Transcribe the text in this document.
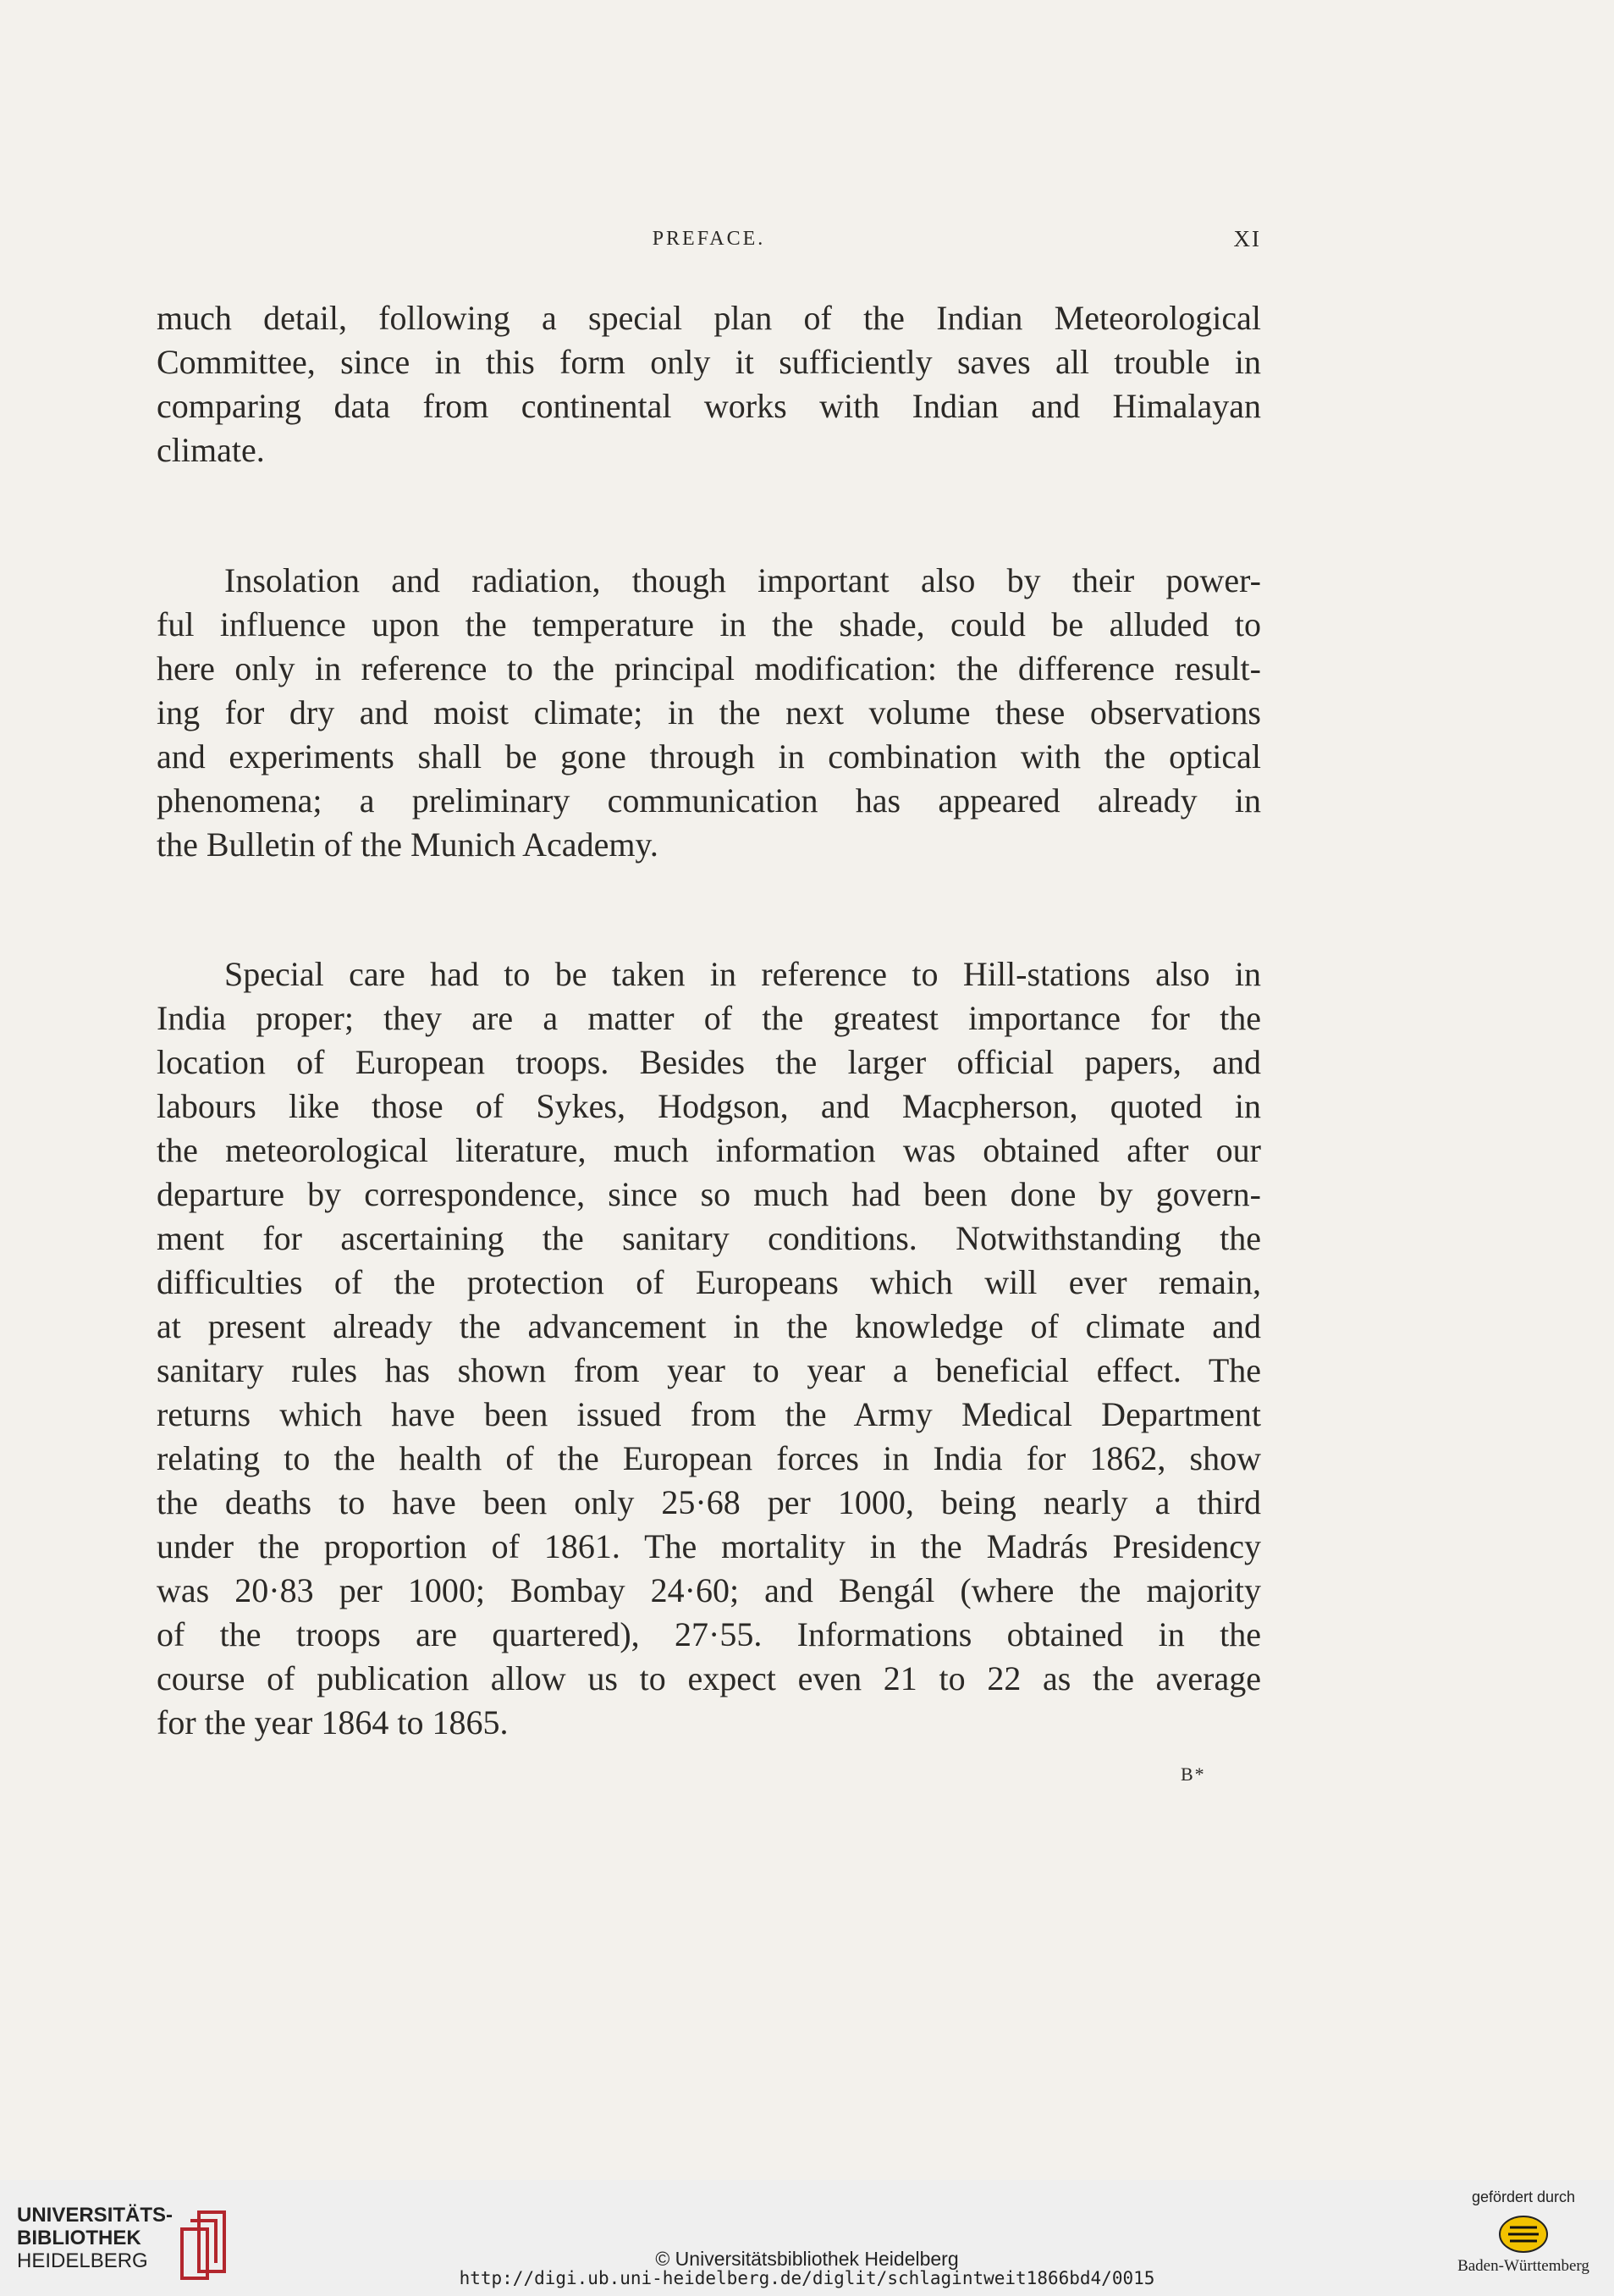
PREFACE.	XI
much detail, following a special plan of the Indian Meteorological
Committee, since in this form only it sufficiently saves all trouble in
comparing data from continental works with Indian and Himalayan
climate.
Insolation and radiation, though important also by their power-
ful influence upon the temperature in the shade, could be alluded to
here only in reference to the principal modification: the difference result-
ing for dry and moist climate; in the next volume these observations
and experiments shall be gone through in combination with the optical
phenomena; a preliminary communication has appeared already in
the Bulletin of the Munich Academy.
Special care had to be taken in reference to Hill-stations also in
India proper; they are a matter of the greatest importance for the
location of European troops. Besides the larger official papers, and
labours like those of Sykes, Hodgson, and Macpherson, quoted in
the meteorological literature, much information was obtained after our
departure by correspondence, since so much had been done by govern-
ment for ascertaining the sanitary conditions. Notwithstanding the
difficulties of the protection of Europeans which will ever remain,
at present already the advancement in the knowledge of climate and
sanitary rules has shown from year to year a beneficial effect. The
returns which have been issued from the Army Medical Department
relating to the health of the European forces in India for 1862, show
the deaths to have been only 25·68 per 1000, being nearly a third
under the proportion of 1861. The mortality in the Madrás Presidency
was 20·83 per 1000; Bombay 24·60; and Bengál (where the majority
of the troops are quartered), 27·55. Informations obtained in the
course of publication allow us to expect even 21 to 22 as the average
for the year 1864 to 1865.
B*
UNIVERSITÄTS-
BIBLIOTHEK
HEIDELBERG	© Universitätsbibliothek Heidelberg
http://digi.ub.uni-heidelberg.de/diglit/schlagintweit1866bd4/0015
gefördert durch
Baden-Württemberg
